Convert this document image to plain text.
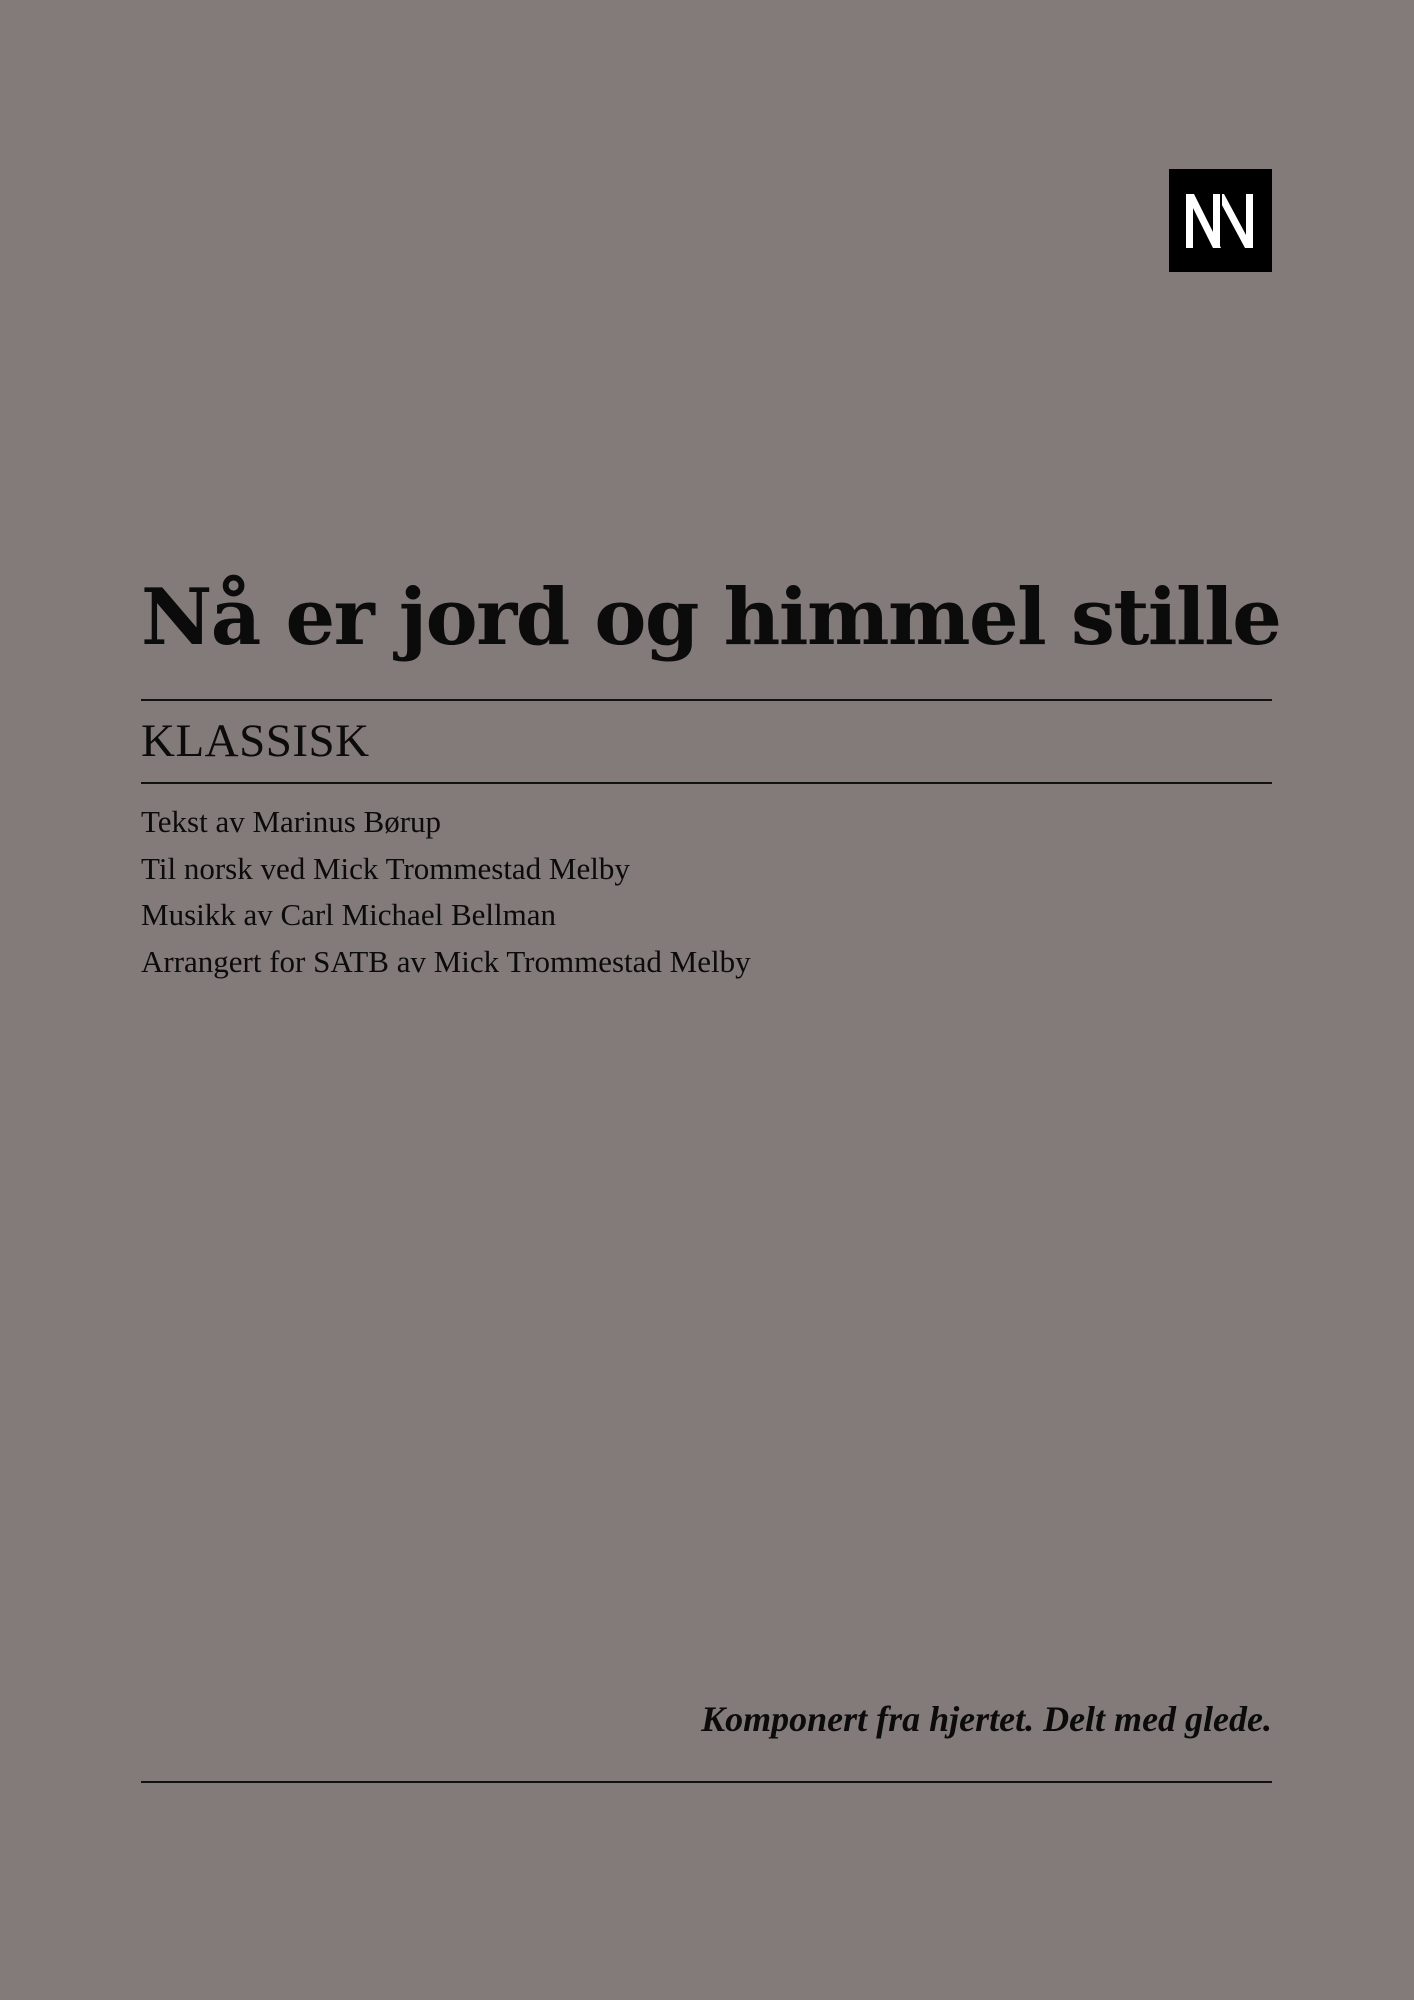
Nå er jord og himmel stille
KLASSISK
Tekst av Marinus Børup
Til norsk ved Mick Trommestad Melby
Musikk av Carl Michael Bellman
Arrangert for SATB av Mick Trommestad Melby

Komponert fra hjertet. Delt med glede.
